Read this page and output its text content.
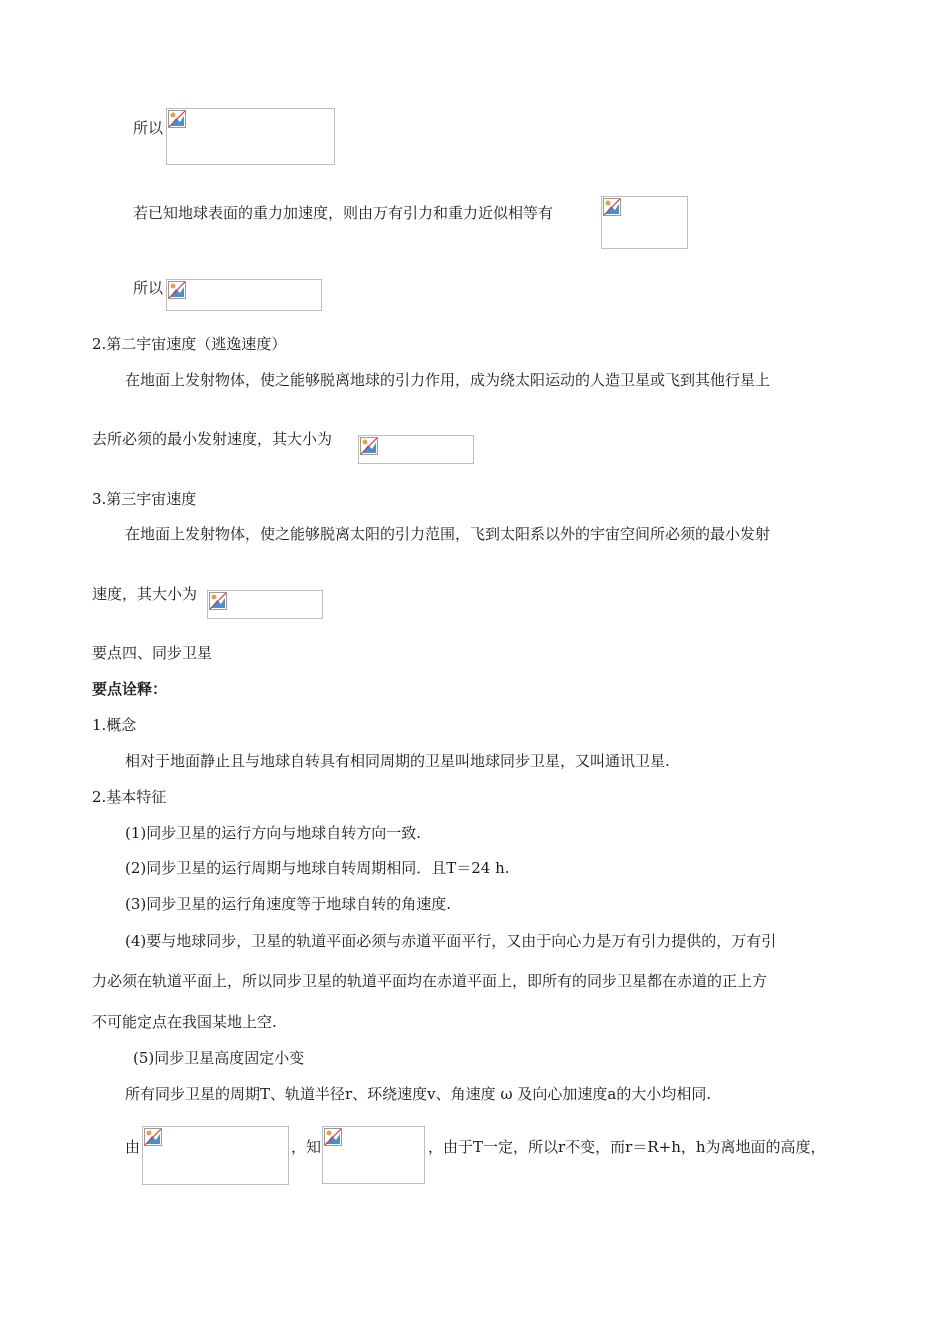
所以
若已知地球表面的重力加速度，则由万有引力和重力近似相等有
所以
2.第二宇宙速度（逃逸速度）
在地面上发射物体，使之能够脱离地球的引力作用，成为绕太阳运动的人造卫星或飞到其他行星上
去所必须的最小发射速度，其大小为
3.第三宇宙速度
在地面上发射物体，使之能够脱离太阳的引力范围，飞到太阳系以外的宇宙空间所必须的最小发射
速度，其大小为
要点四、同步卫星
要点诠释：
1.概念
相对于地面静止且与地球自转具有相同周期的卫星叫地球同步卫星，又叫通讯卫星.
2.基本特征
(1)同步卫星的运行方向与地球自转方向一致.
(2)同步卫星的运行周期与地球自转周期相同．且T＝24 h.
(3)同步卫星的运行角速度等于地球自转的角速度.
(4)要与地球同步，卫星的轨道平面必须与赤道平面平行，又由于向心力是万有引力提供的，万有引
力必须在轨道平面上，所以同步卫星的轨道平面均在赤道平面上，即所有的同步卫星都在赤道的正上方
不可能定点在我国某地上空.
(5)同步卫星高度固定小变
所有同步卫星的周期T、轨道半径r、环绕速度v、角速度 ω 及向心加速度a的大小均相同.
由	，知	，由于T一定，所以r不变，而r＝R+h，h为离地面的高度，
